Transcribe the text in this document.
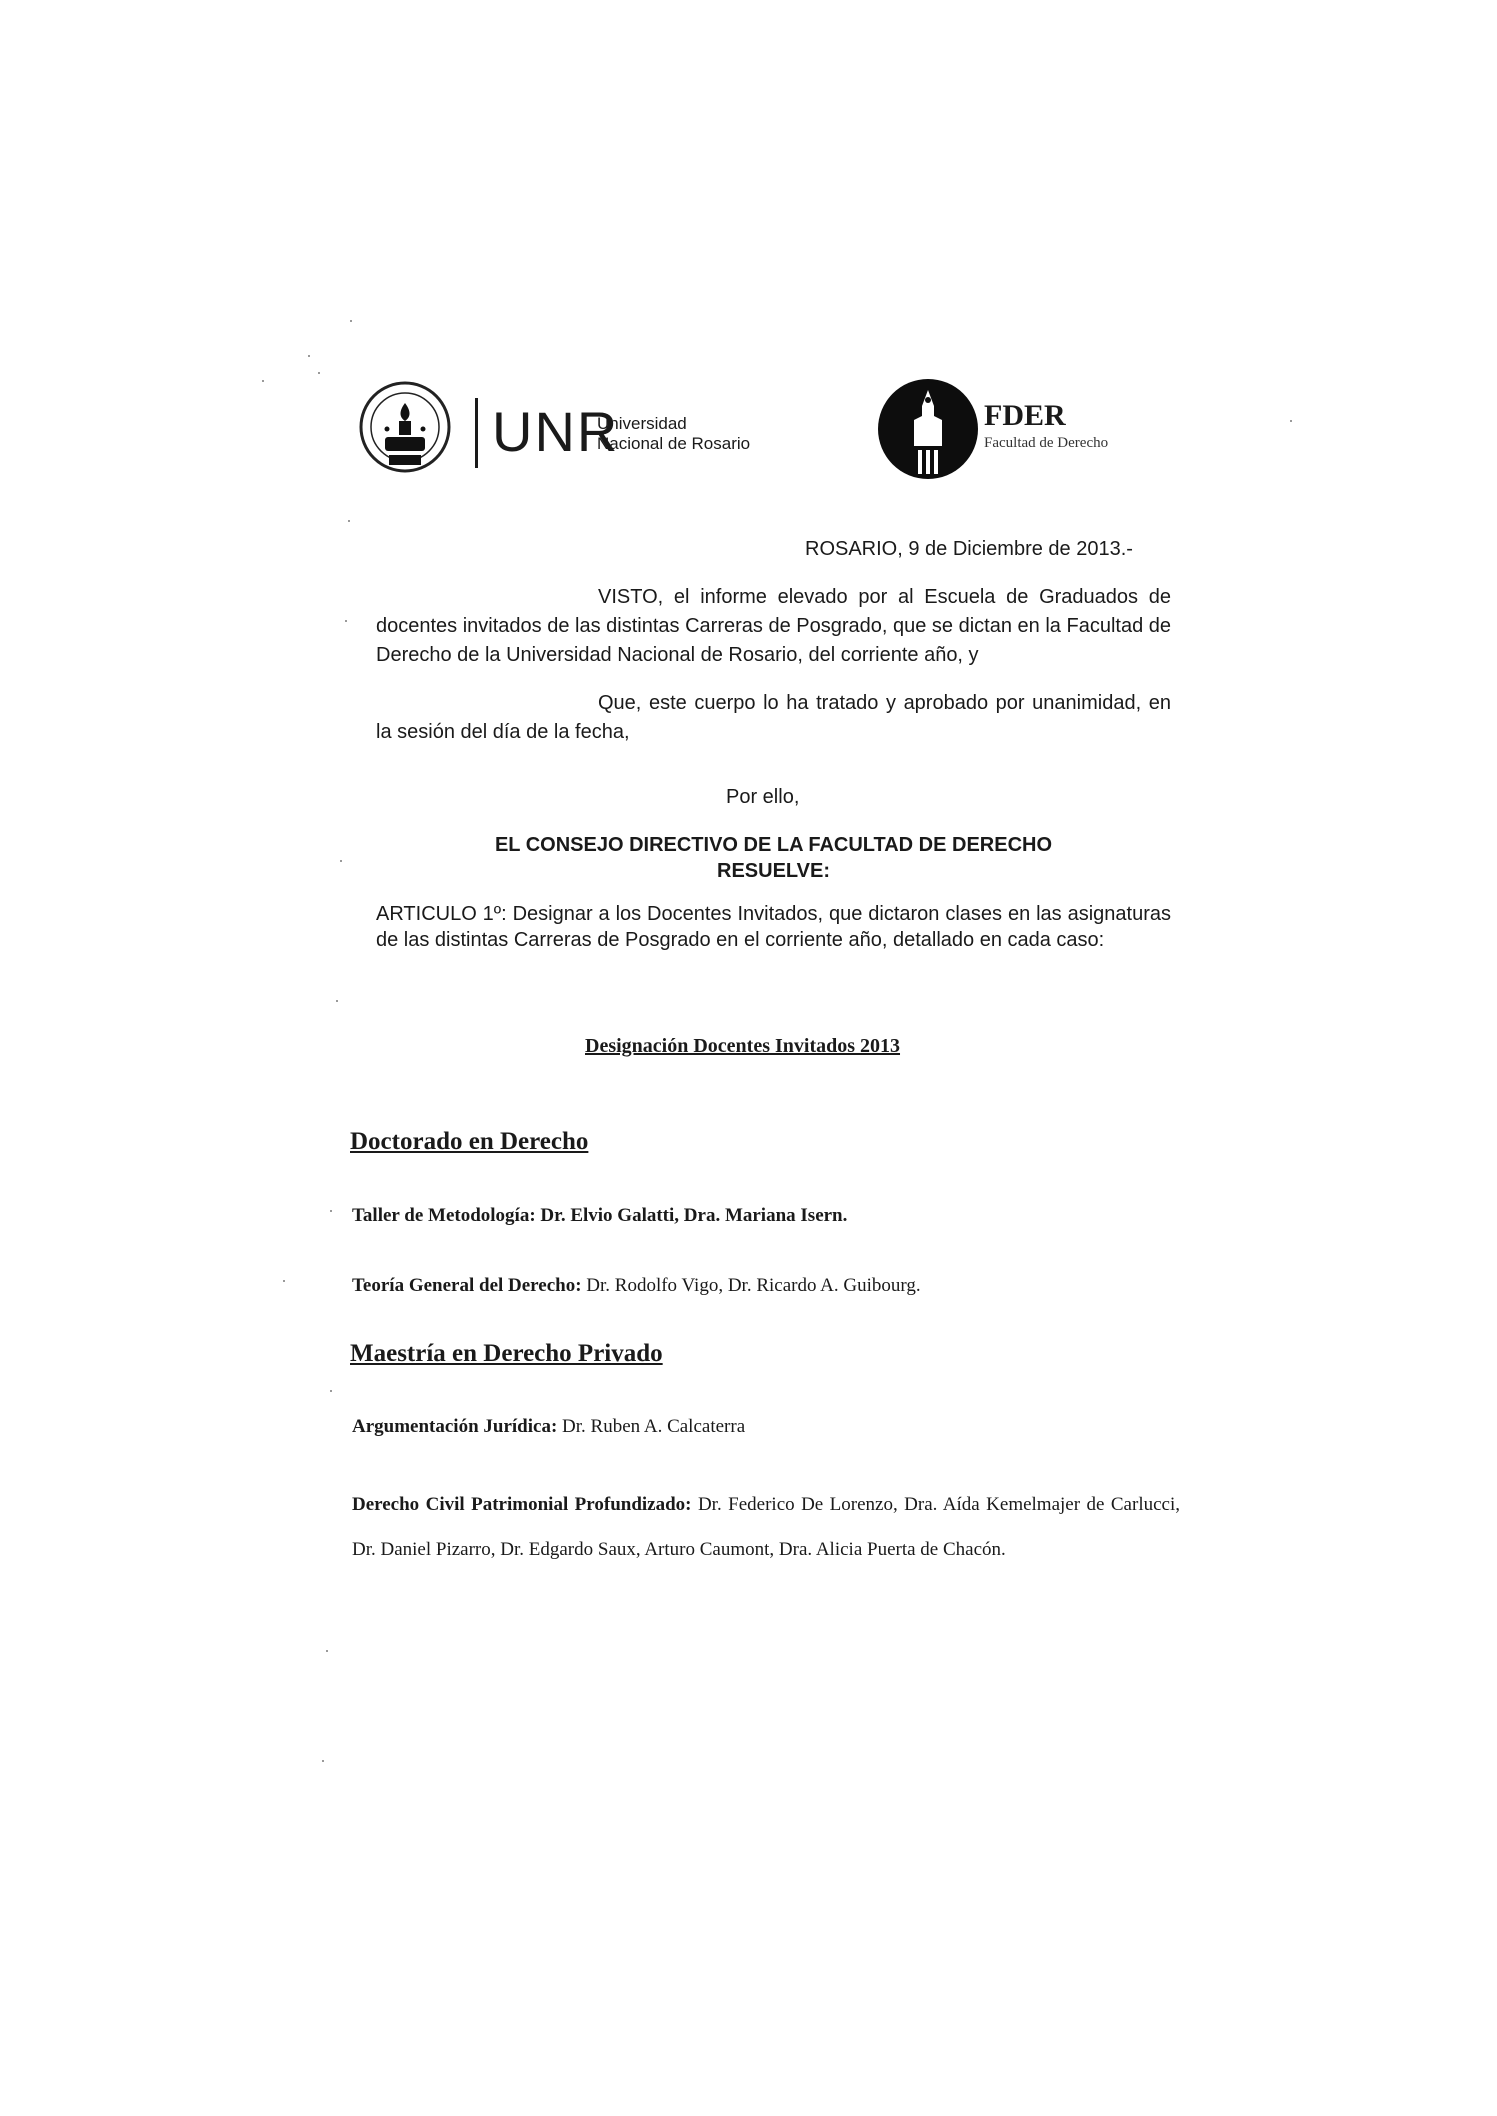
UNR
Universidad
Nacional de Rosario
FDER
Facultad de Derecho
ROSARIO, 9 de Diciembre de 2013.-

VISTO, el informe elevado por al Escuela de Graduados de docentes invitados de las distintas Carreras de Posgrado, que se dictan en la Facultad de Derecho de la Universidad Nacional de Rosario, del corriente año, y

Que, este cuerpo lo ha tratado y aprobado por unanimidad, en la sesión del día de la fecha,

Por ello,
EL CONSEJO DIRECTIVO DE LA FACULTAD DE DERECHO
RESUELVE:

ARTICULO 1º: Designar a los Docentes Invitados, que dictaron clases en las asignaturas de las distintas Carreras de Posgrado en el corriente año, detallado en cada caso:

Designación Docentes Invitados 2013
Doctorado en Derecho
Taller de Metodología: Dr. Elvio Galatti, Dra. Mariana Isern.
Teoría General del Derecho: Dr. Rodolfo Vigo, Dr. Ricardo A. Guibourg.
Maestría en Derecho Privado
Argumentación Jurídica: Dr. Ruben A. Calcaterra

Derecho Civil Patrimonial Profundizado: Dr. Federico De Lorenzo, Dra. Aída Kemelmajer de Carlucci, Dr. Daniel Pizarro, Dr. Edgardo Saux, Arturo Caumont, Dra. Alicia Puerta de Chacón.
